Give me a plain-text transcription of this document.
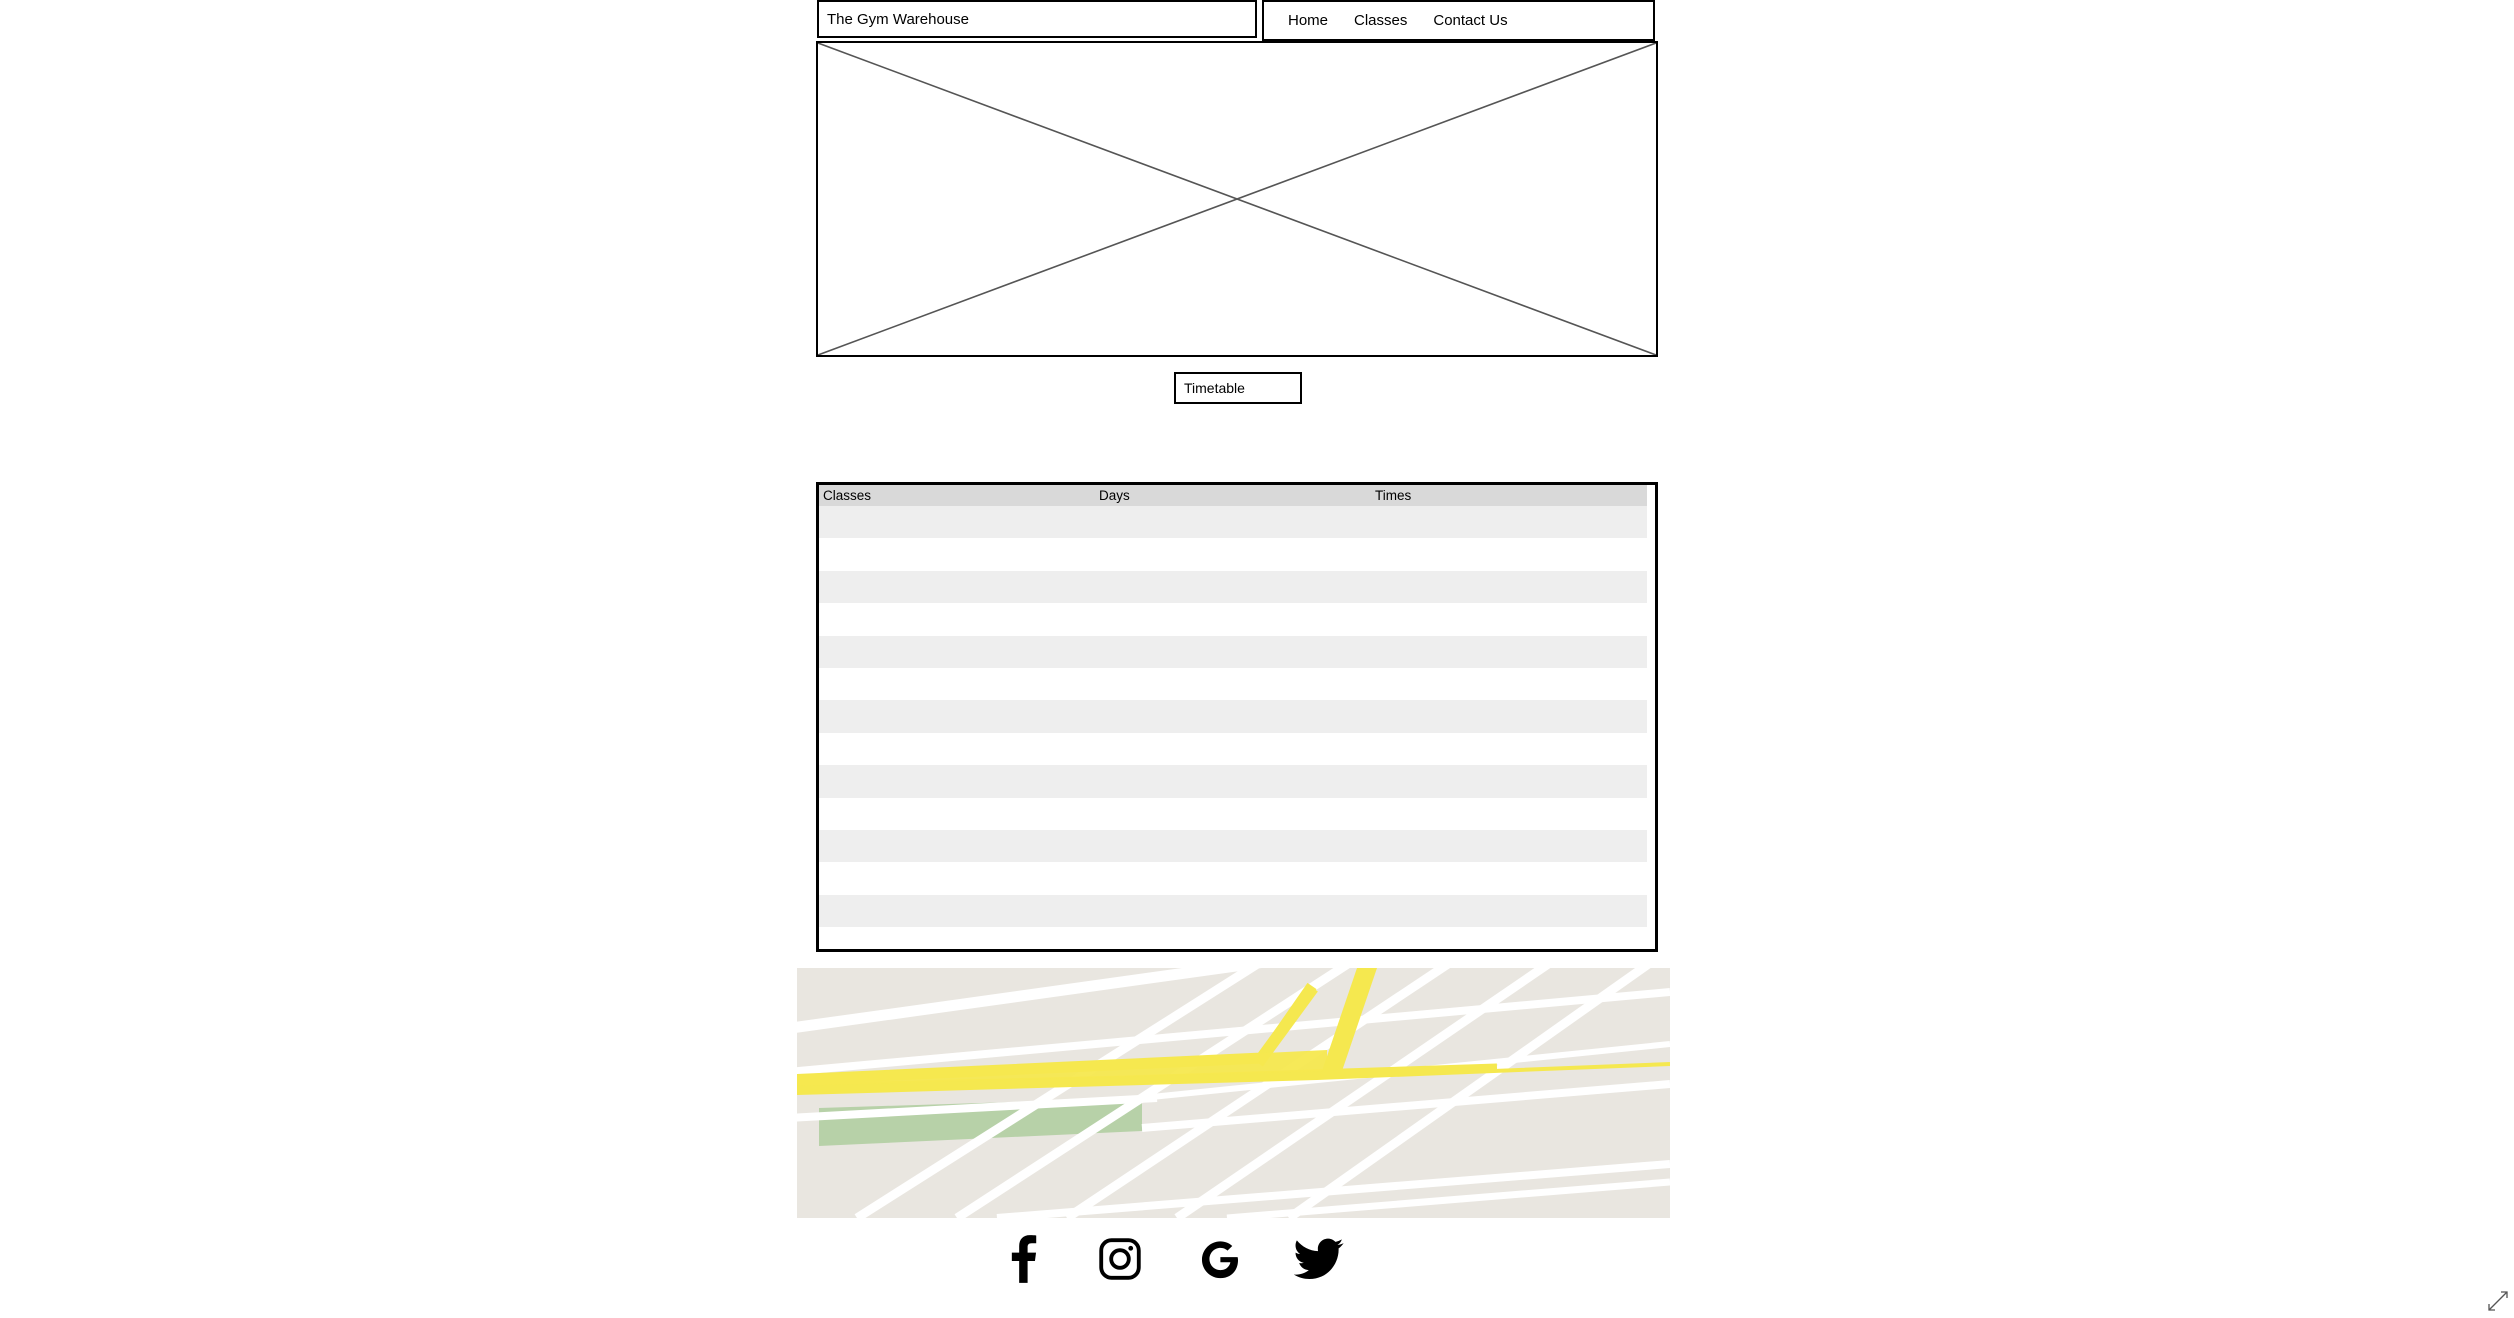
The Gym Warehouse	Home Classes Contact Us
Timetable
Classes	Days	Times
